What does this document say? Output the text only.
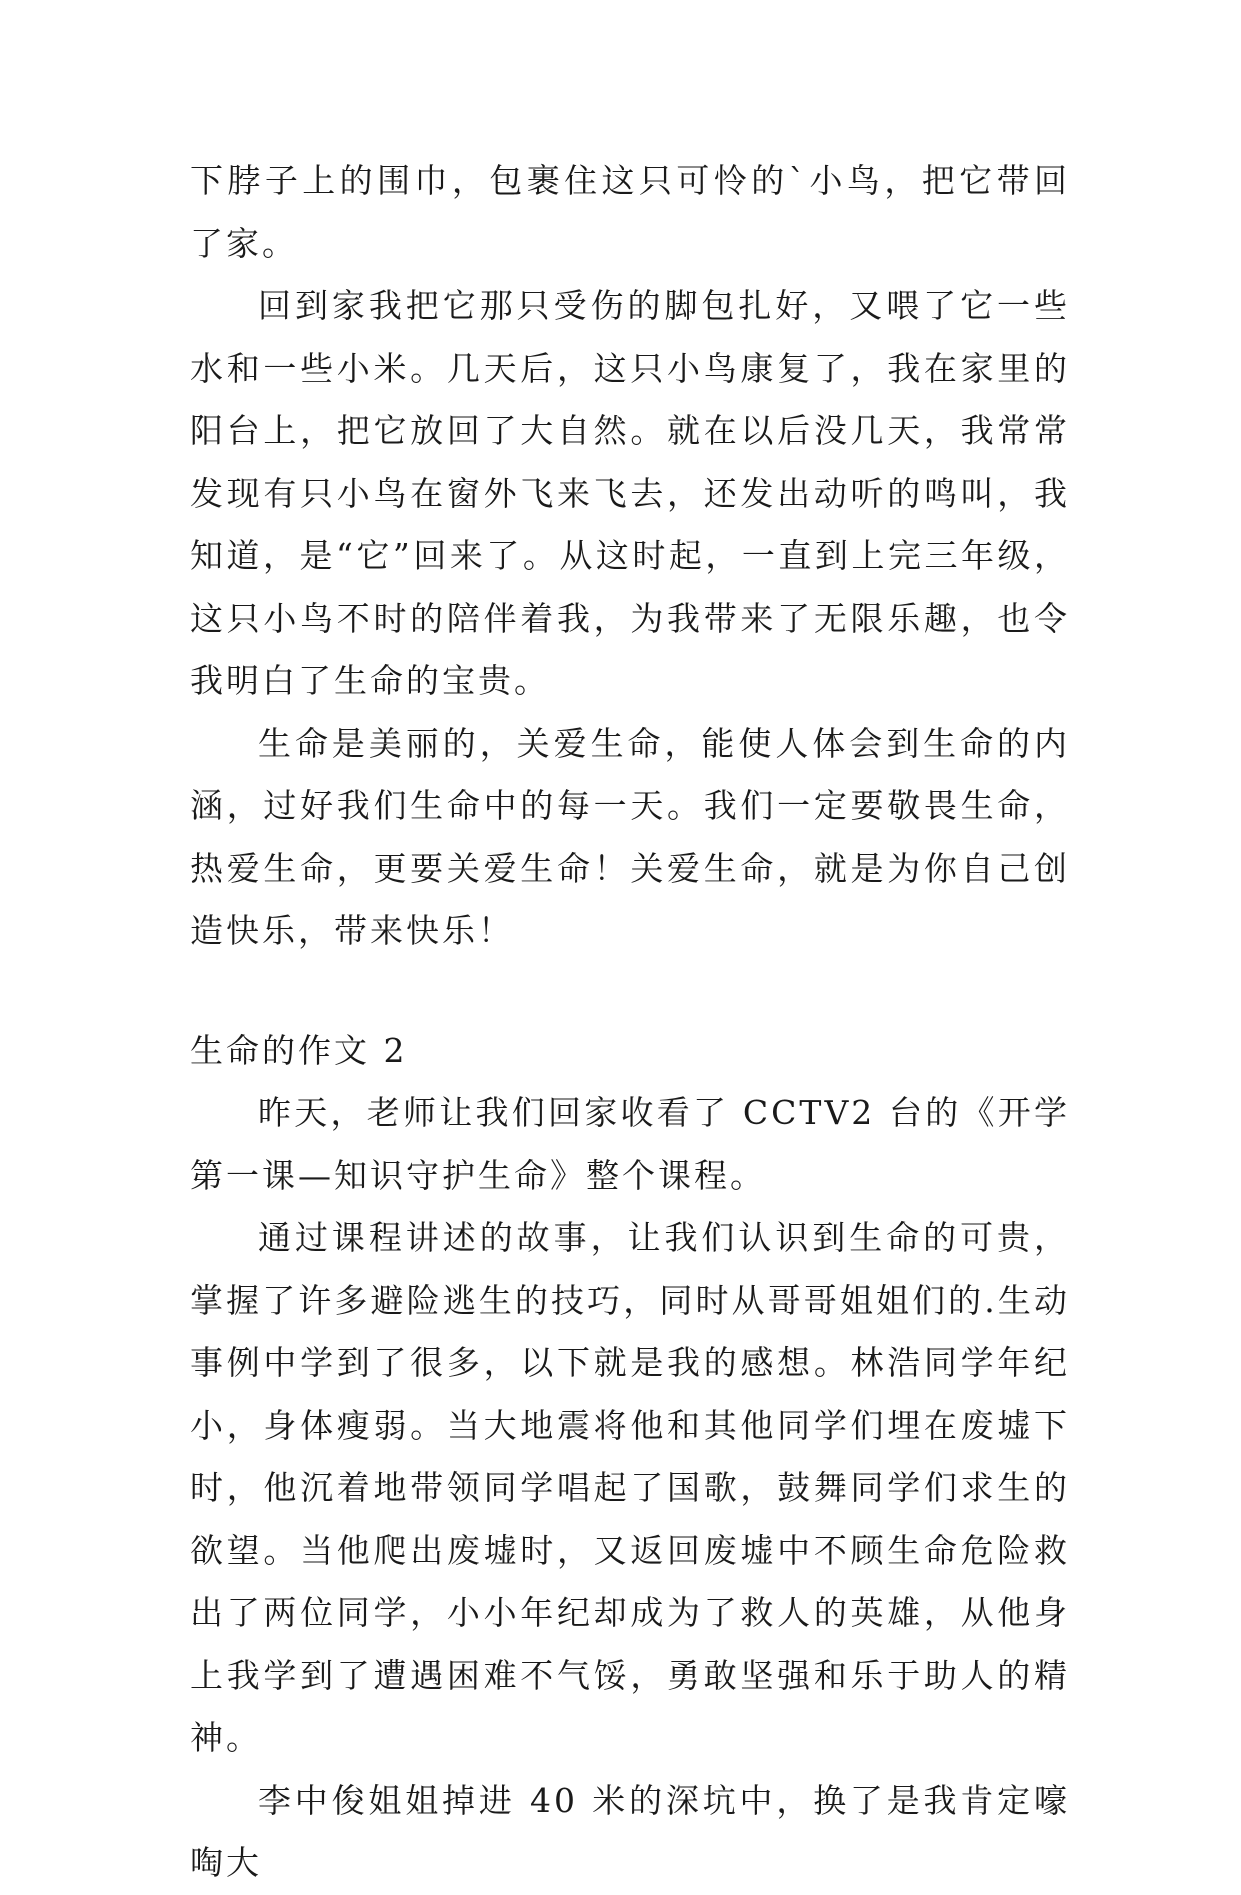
下脖子上的围巾，包裹住这只可怜的`小鸟，把它带回了家。

回到家我把它那只受伤的脚包扎好，又喂了它一些水和一些小米。几天后，这只小鸟康复了，我在家里的阳台上，把它放回了大自然。就在以后没几天，我常常发现有只小鸟在窗外飞来飞去，还发出动听的鸣叫，我知道，是“它”回来了。从这时起，一直到上完三年级，这只小鸟不时的陪伴着我，为我带来了无限乐趣，也令我明白了生命的宝贵。

生命是美丽的，关爱生命，能使人体会到生命的内涵，过好我们生命中的每一天。我们一定要敬畏生命，热爱生命，更要关爱生命！关爱生命，就是为你自己创造快乐，带来快乐！

生命的作文 2

昨天，老师让我们回家收看了 CCTV2 台的《开学第一课—知识守护生命》整个课程。

通过课程讲述的故事，让我们认识到生命的可贵，掌握了许多避险逃生的技巧，同时从哥哥姐姐们的.生动事例中学到了很多，以下就是我的感想。林浩同学年纪小，身体瘦弱。当大地震将他和其他同学们埋在废墟下时，他沉着地带领同学唱起了国歌，鼓舞同学们求生的欲望。当他爬出废墟时，又返回废墟中不顾生命危险救出了两位同学，小小年纪却成为了救人的英雄，从他身上我学到了遭遇困难不气馁，勇敢坚强和乐于助人的精神。

李中俊姐姐掉进 40 米的深坑中，换了是我肯定嚎啕大
